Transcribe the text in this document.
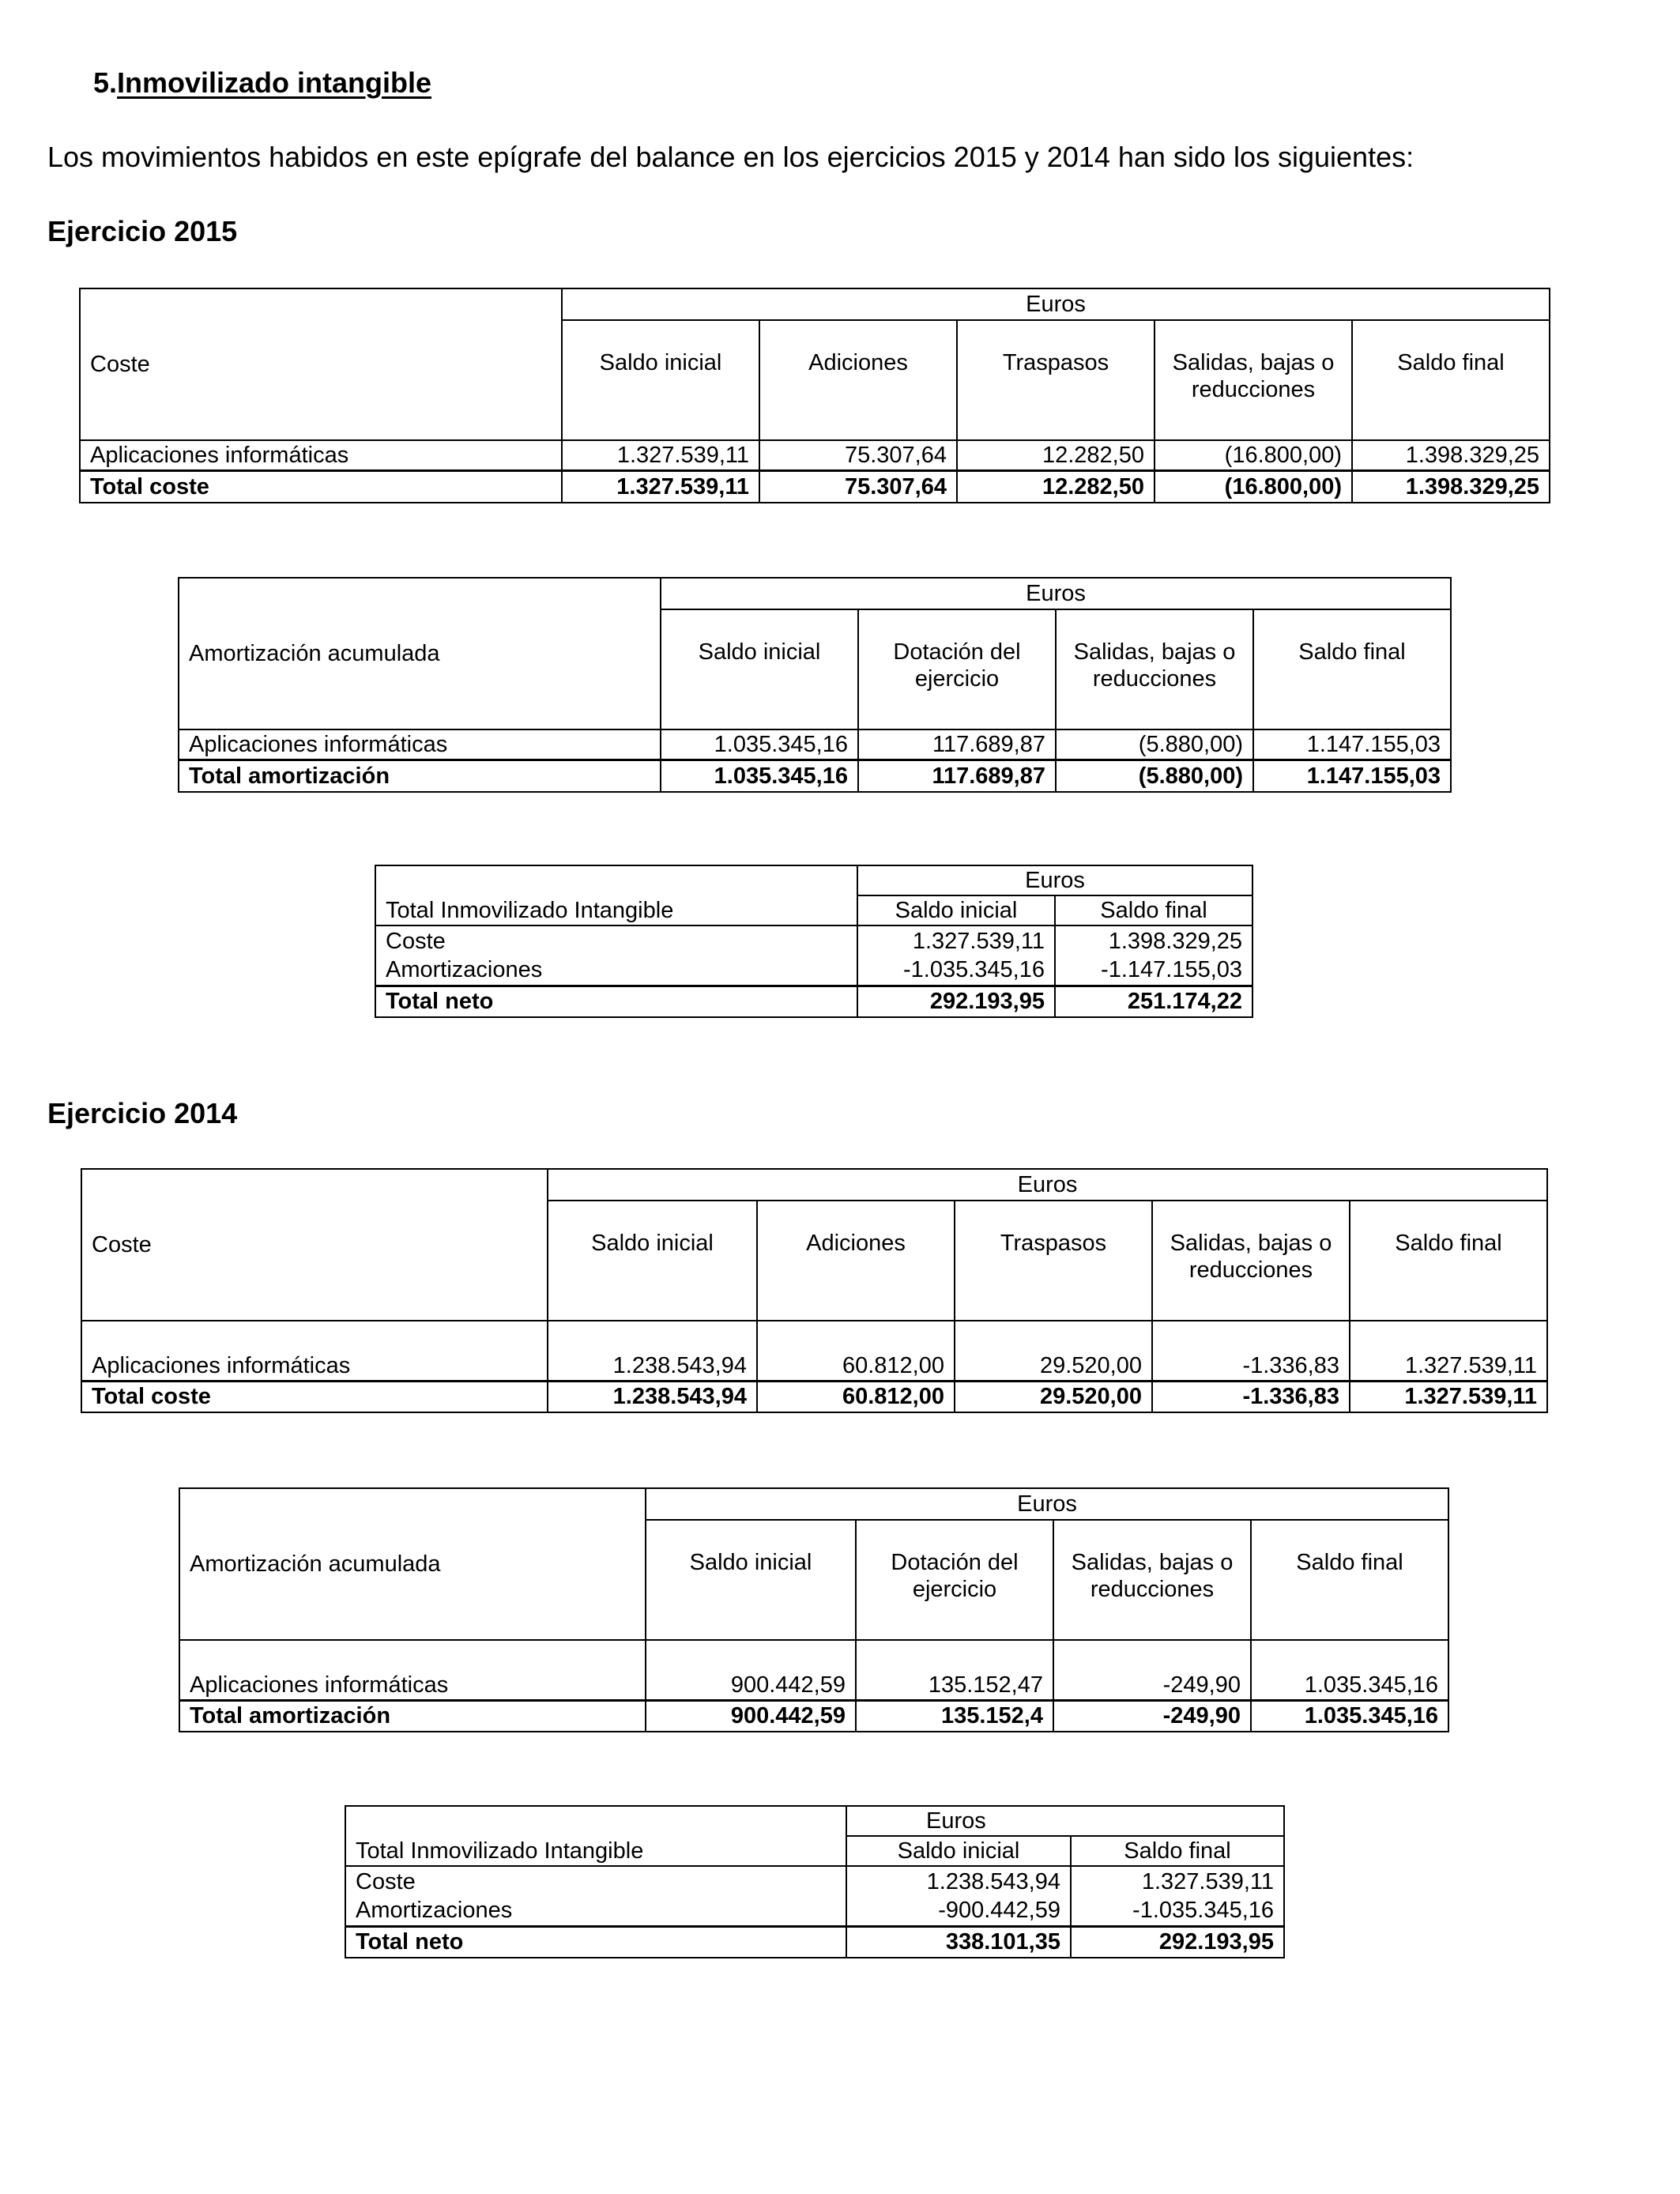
5.Inmovilizado intangible
Los movimientos habidos en este epígrafe del balance en los ejercicios 2015 y 2014 han sido los siguientes:
Ejercicio 2015
Coste	Euros				
	Saldo inicial	Adiciones	Traspasos	Salidas, bajas o reducciones	Saldo final
Aplicaciones informáticas	1.327.539,11	75.307,64	12.282,50	(16.800,00)	1.398.329,25
Total coste	1.327.539,11	75.307,64	12.282,50	(16.800,00)	1.398.329,25
Amortización acumulada	Euros			
	Saldo inicial	Dotación del ejercicio	Salidas, bajas o reducciones	Saldo final
Aplicaciones informáticas	1.035.345,16	117.689,87	(5.880,00)	1.147.155,03
Total amortización	1.035.345,16	117.689,87	(5.880,00)	1.147.155,03
	Euros	
Total Inmovilizado Intangible	Saldo inicial	Saldo final
Coste	1.327.539,11	1.398.329,25
Amortizaciones	-1.035.345,16	-1.147.155,03
Total neto	292.193,95	251.174,22
Ejercicio 2014
Coste	Euros				
	Saldo inicial	Adiciones	Traspasos	Salidas, bajas o reducciones	Saldo final
Aplicaciones informáticas	1.238.543,94	60.812,00	29.520,00	-1.336,83	1.327.539,11
Total coste	1.238.543,94	60.812,00	29.520,00	-1.336,83	1.327.539,11
Amortización acumulada	Euros			
	Saldo inicial	Dotación del ejercicio	Salidas, bajas o reducciones	Saldo final
Aplicaciones informáticas	900.442,59	135.152,47	-249,90	1.035.345,16
Total amortización	900.442,59	135.152,4	-249,90	1.035.345,16
	Euros	
Total Inmovilizado Intangible	Saldo inicial	Saldo final
Coste	1.238.543,94	1.327.539,11
Amortizaciones	-900.442,59	-1.035.345,16
Total neto	338.101,35	292.193,95
